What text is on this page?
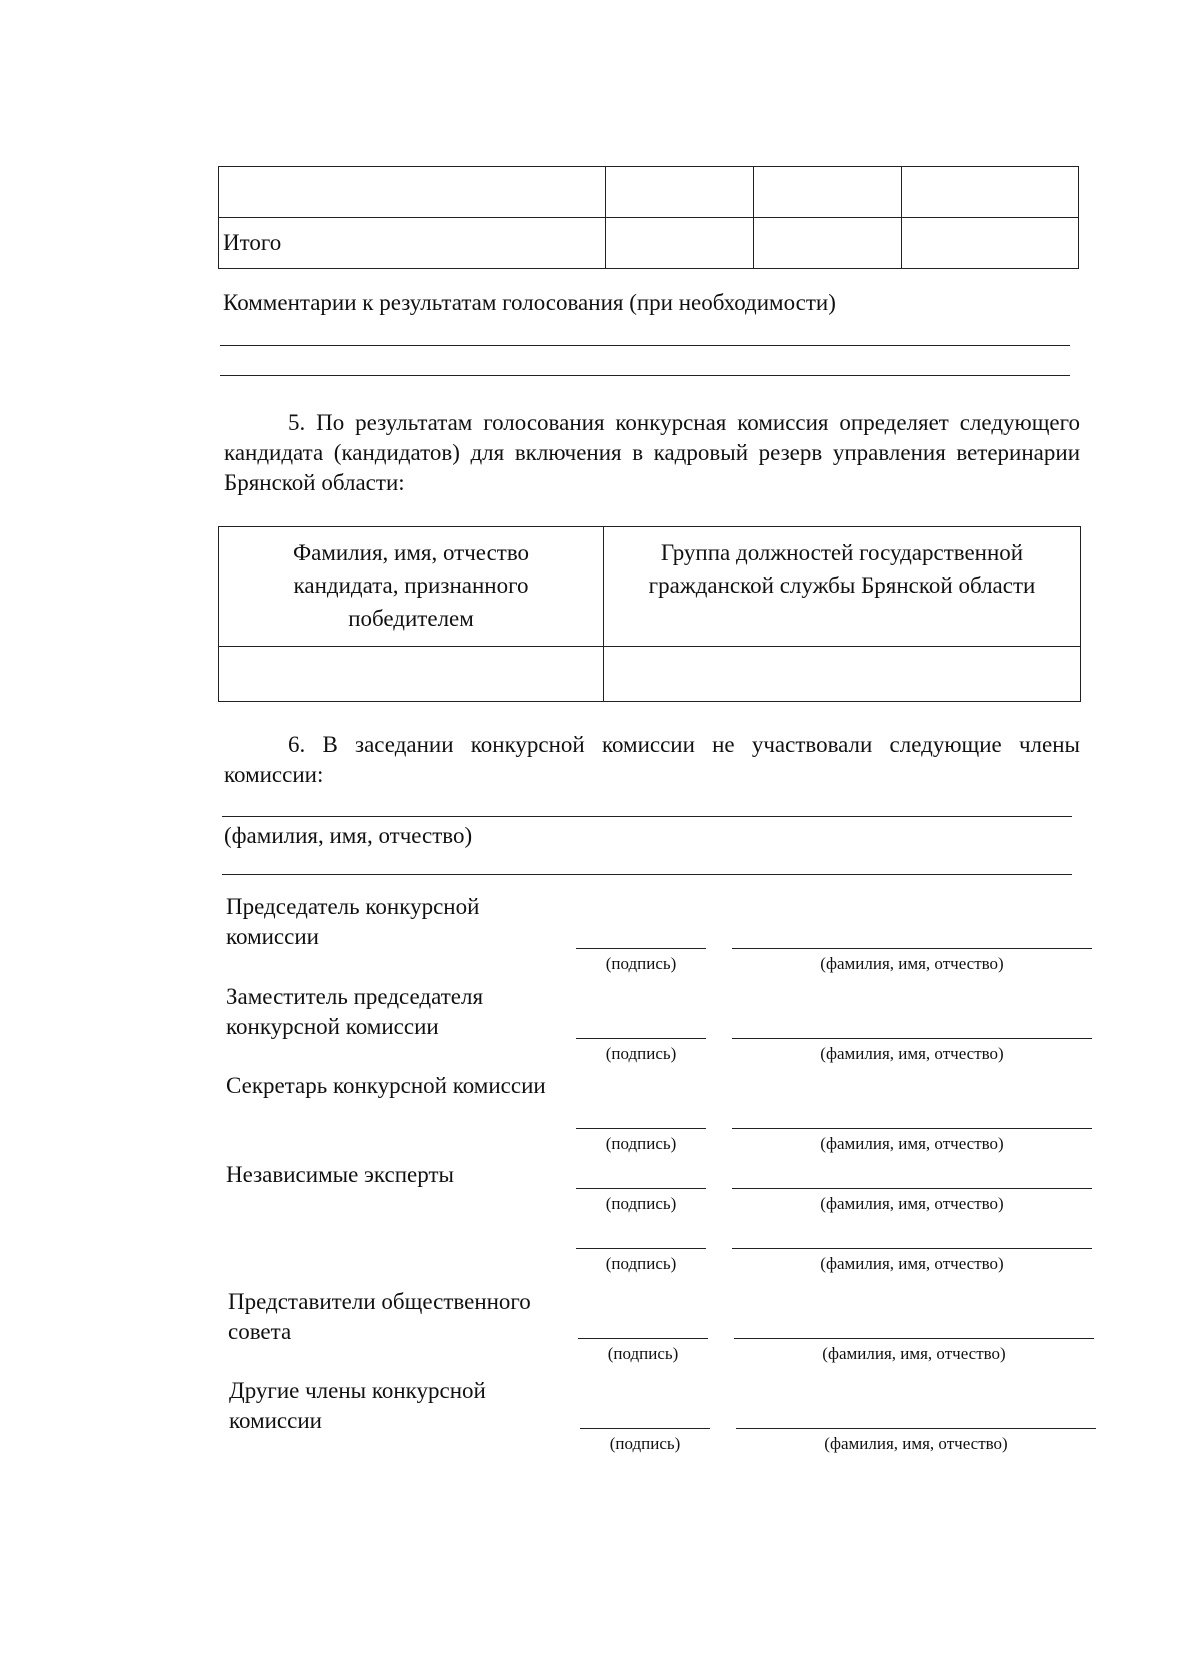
Итого			
Комментарии к результатам голосования (при необходимости)
5. По результатам голосования конкурсная комиссия определяет следующего кандидата (кандидатов) для включения в кадровый резерв управления ветеринарии Брянской области:
Фамилия, имя, отчество кандидата, признанного победителем	Группа должностей государственной гражданской службы Брянской области

6. В заседании конкурсной комиссии не участвовали следующие члены комиссии:
(фамилия, имя, отчество)
Председатель конкурсной комиссии
(подпись)	(фамилия, имя, отчество)
Заместитель председателя конкурсной комиссии
(подпись)	(фамилия, имя, отчество)
Секретарь конкурсной комиссии
(подпись)	(фамилия, имя, отчество)
Независимые эксперты
(подпись)	(фамилия, имя, отчество)
(подпись)	(фамилия, имя, отчество)
Представители общественного совета
(подпись)	(фамилия, имя, отчество)
Другие члены конкурсной комиссии
(подпись)	(фамилия, имя, отчество)
